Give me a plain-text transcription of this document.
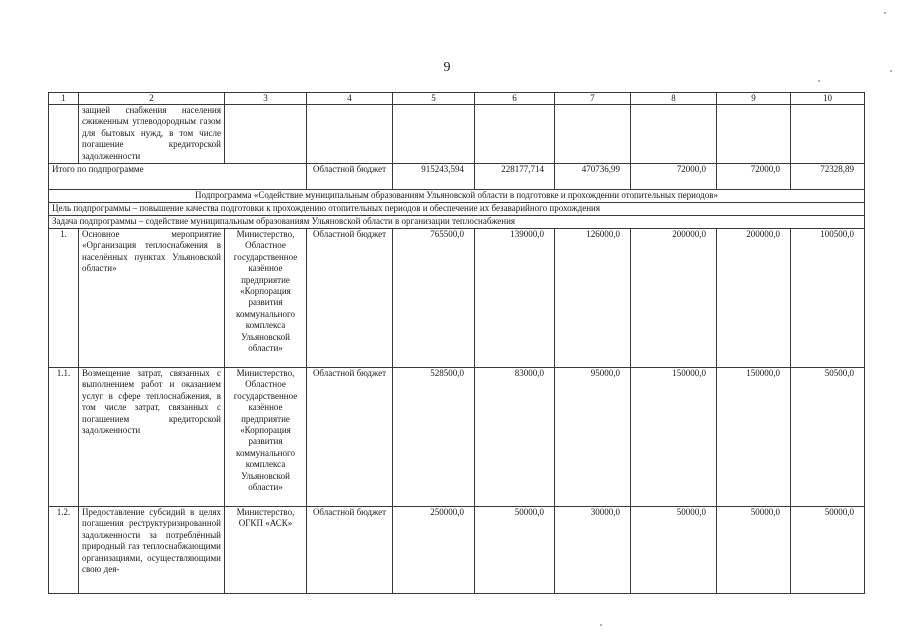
9
1	2	3	4	5	6	7	8	9	10
	защией снабжения населения сжиженным углеводородным газом для бытовых нужд, в том числе погашение кредиторской задолженности								
Итого по подпрограмме			Областной бюджет	915243,594	228177,714	470736,99	72000,0	72000,0	72328,89
Подпрограмма «Содействие муниципальным образованиям Ульяновской области в подготовке и прохождении отопительных периодов»									
Цель подпрограммы – повышение качества подготовки к прохождению отопительных периодов и обеспечение их безаварийного прохождения									
Задача подпрограммы – содействие муниципальным образованиям Ульяновской области в организации теплоснабжения									
1.	Основное мероприятие «Организация теплоснабжения в населённых пунктах Ульяновской области»	Министерство, Областное государственное казённое предприятие «Корпорация развития коммунального комплекса Ульяновской области»	Областной бюджет	765500,0	139000,0	126000,0	200000,0	200000,0	100500,0
1.1.	Возмещение затрат, связанных с выполнением работ и оказанием услуг в сфере теплоснабжения, в том числе затрат, связанных с погашением кредиторской задолженности	Министерство, Областное государственное казённое предприятие «Корпорация развития коммунального комплекса Ульяновской области»	Областной бюджет	528500,0	83000,0	95000,0	150000,0	150000,0	50500,0
1.2.	Предоставление субсидий в целях погашения реструктуризированной задолженности за потреблённый природный газ теплоснабжающими организациями, осуществляющими свою дея-	Министерство, ОГКП «АСК»	Областной бюджет	250000,0	50000,0	30000,0	50000,0	50000,0	50000,0
